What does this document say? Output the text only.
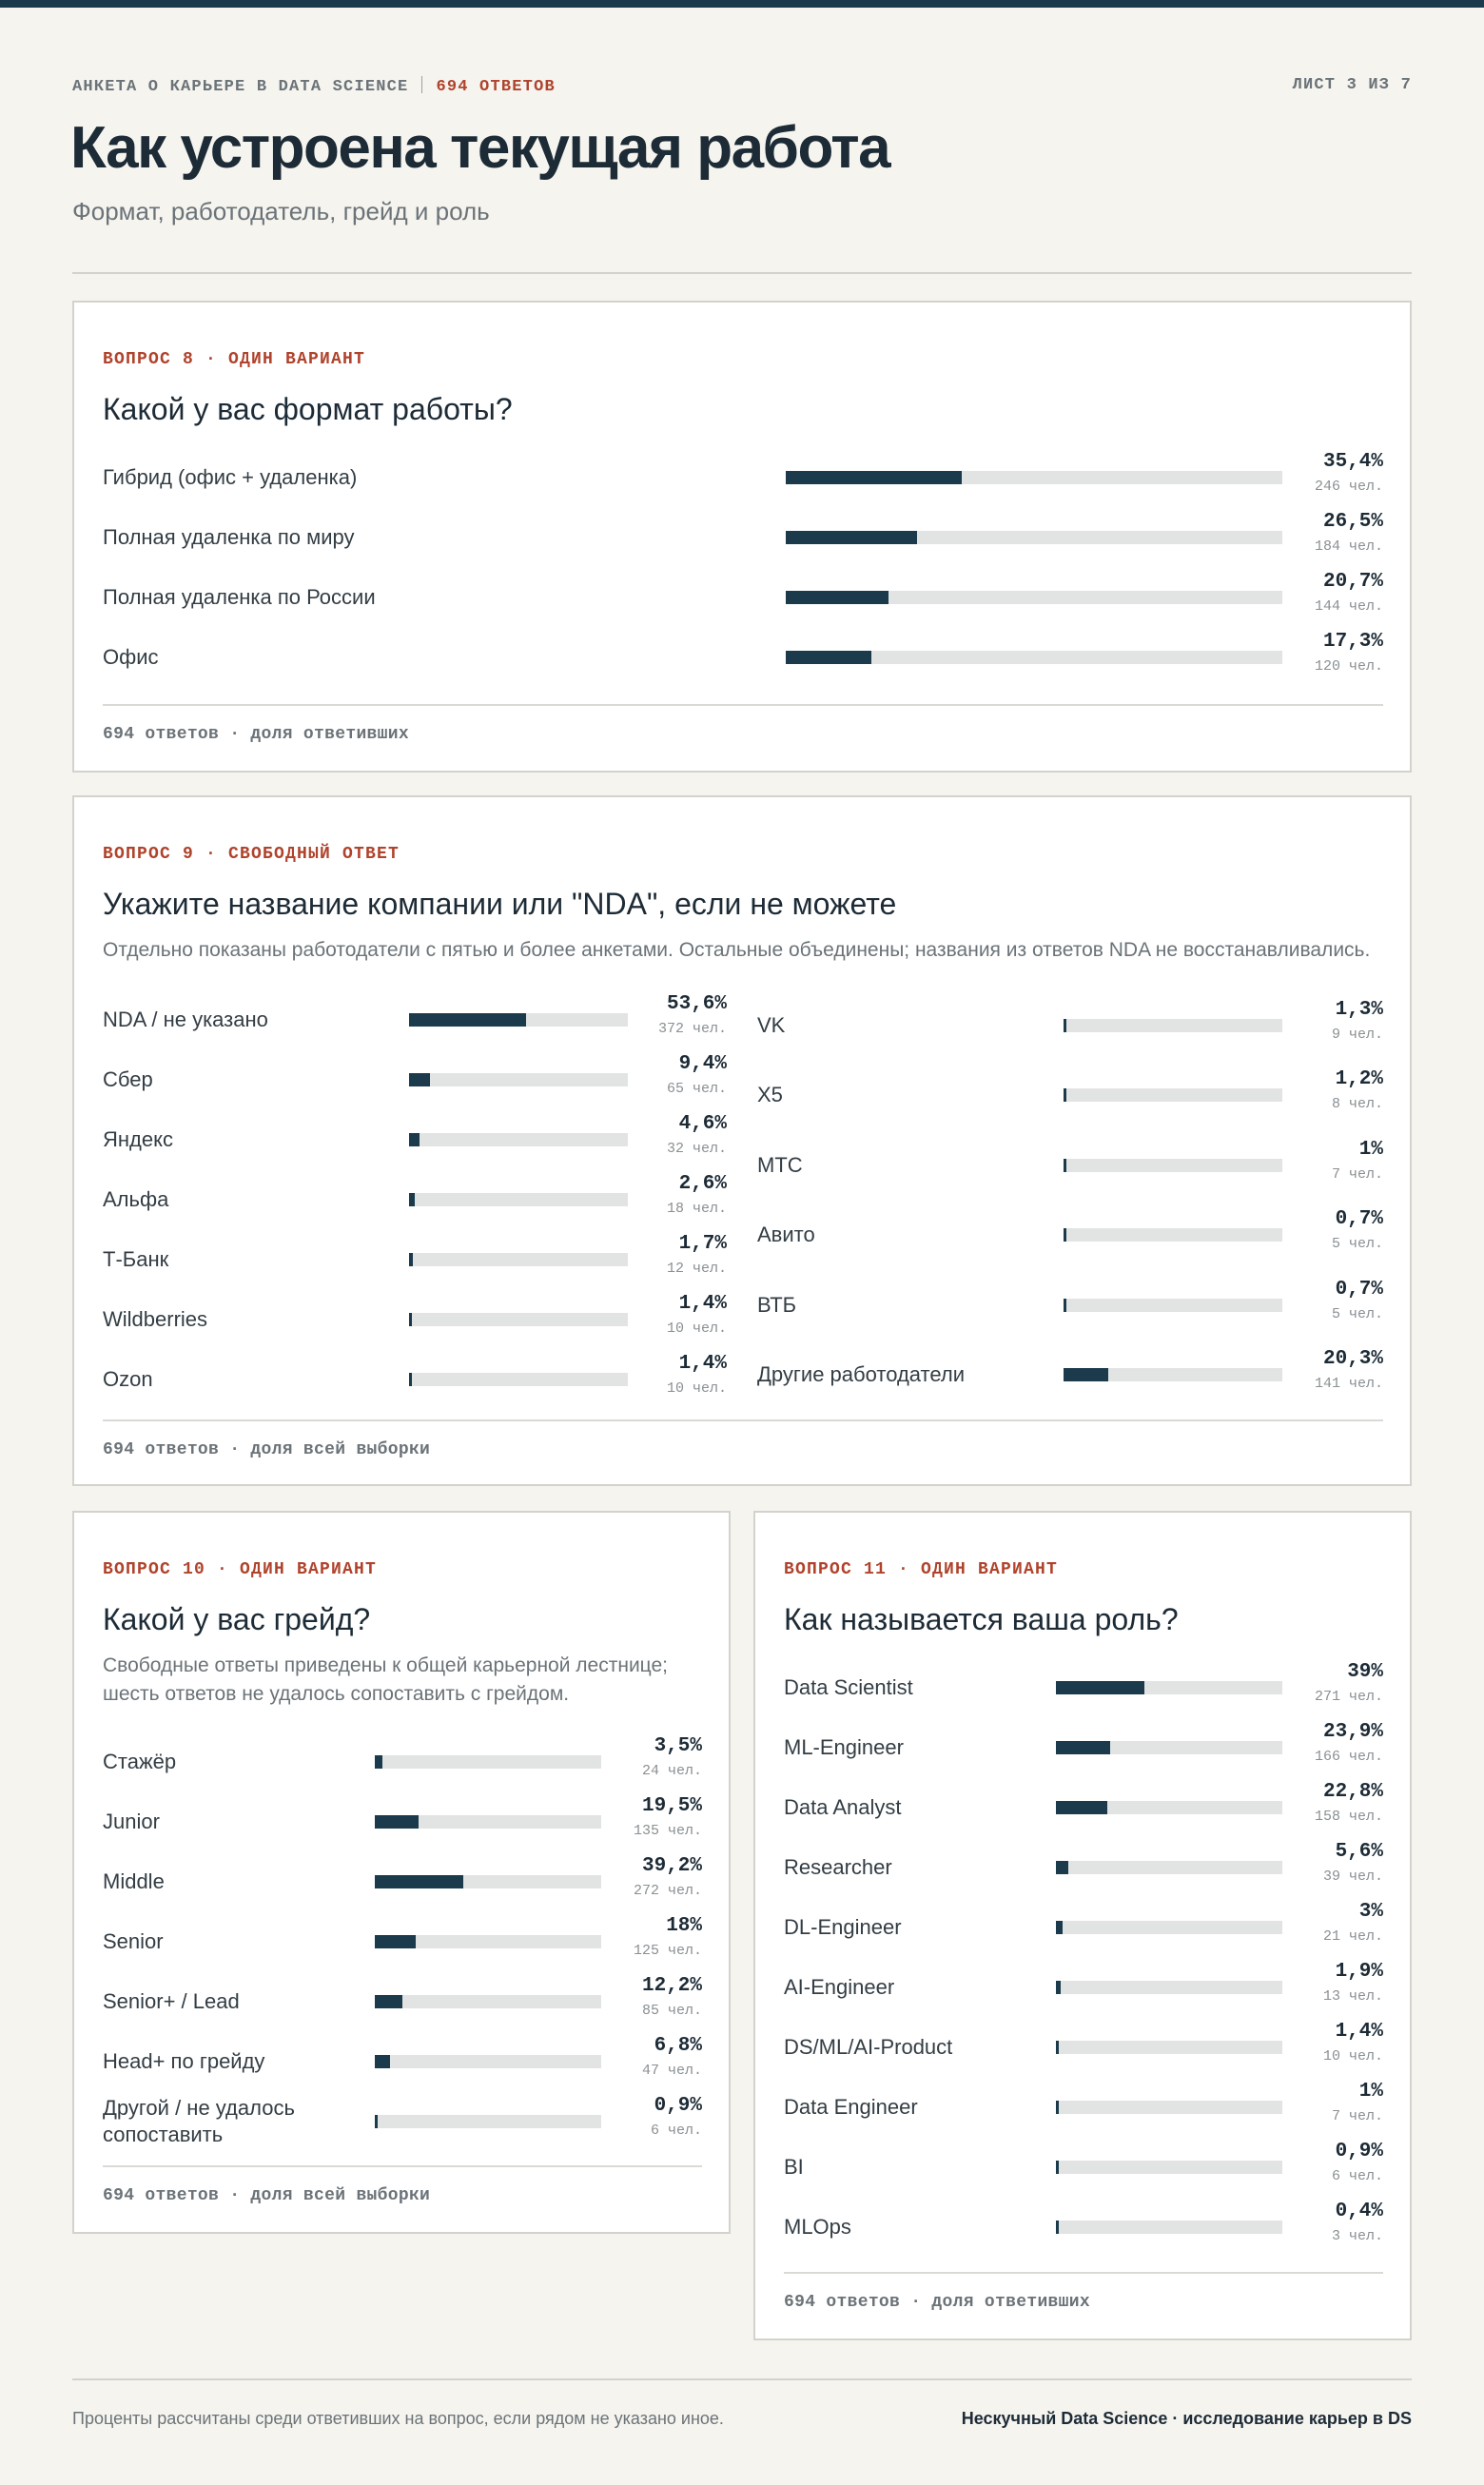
АНКЕТА О КАРЬЕРЕ В DATA SCIENCE 694 ОТВЕТОВ	ЛИСТ 3 ИЗ 7
Как устроена текущая работа
Формат, работодатель, грейд и роль
ВОПРОС 8 · ОДИН ВАРИАНТ
Какой у вас формат работы?
Гибрид (офис + удаленка)
35,4%
246 чел.
Полная удаленка по миру
26,5%
184 чел.
Полная удаленка по России
20,7%
144 чел.
Офис
17,3%
120 чел.
694 ответов · доля ответивших
ВОПРОС 9 · СВОБОДНЫЙ ОТВЕТ
Укажите название компании или "NDA", если не можете
Отдельно показаны работодатели с пятью и более анкетами. Остальные объединены; названия из ответов NDA не восстанавливались.
NDA / не указано
53,6%
372 чел.
Сбер
9,4%
65 чел.
Яндекс
4,6%
32 чел.
Альфа
2,6%
18 чел.
Т-Банк
1,7%
12 чел.
Wildberries
1,4%
10 чел.
Ozon
1,4%
10 чел.
VK
1,3%
9 чел.
X5
1,2%
8 чел.
МТС
1%
7 чел.
Авито
0,7%
5 чел.
ВТБ
0,7%
5 чел.
Другие работодатели
20,3%
141 чел.
694 ответов · доля всей выборки
ВОПРОС 10 · ОДИН ВАРИАНТ
Какой у вас грейд?
Свободные ответы приведены к общей карьерной лестнице; шесть ответов не удалось сопоставить с грейдом.
Стажёр
3,5%
24 чел.
Junior
19,5%
135 чел.
Middle
39,2%
272 чел.
Senior
18%
125 чел.
Senior+ / Lead
12,2%
85 чел.
Head+ по грейду
6,8%
47 чел.
Другой / не удалось сопоставить
0,9%
6 чел.
694 ответов · доля всей выборки
ВОПРОС 11 · ОДИН ВАРИАНТ
Как называется ваша роль?
Data Scientist
39%
271 чел.
ML-Engineer
23,9%
166 чел.
Data Analyst
22,8%
158 чел.
Researcher
5,6%
39 чел.
DL-Engineer
3%
21 чел.
AI-Engineer
1,9%
13 чел.
DS/ML/AI-Product
1,4%
10 чел.
Data Engineer
1%
7 чел.
BI
0,9%
6 чел.
MLOps
0,4%
3 чел.
694 ответов · доля ответивших
Проценты рассчитаны среди ответивших на вопрос, если рядом не указано иное.	Нескучный Data Science · исследование карьер в DS
